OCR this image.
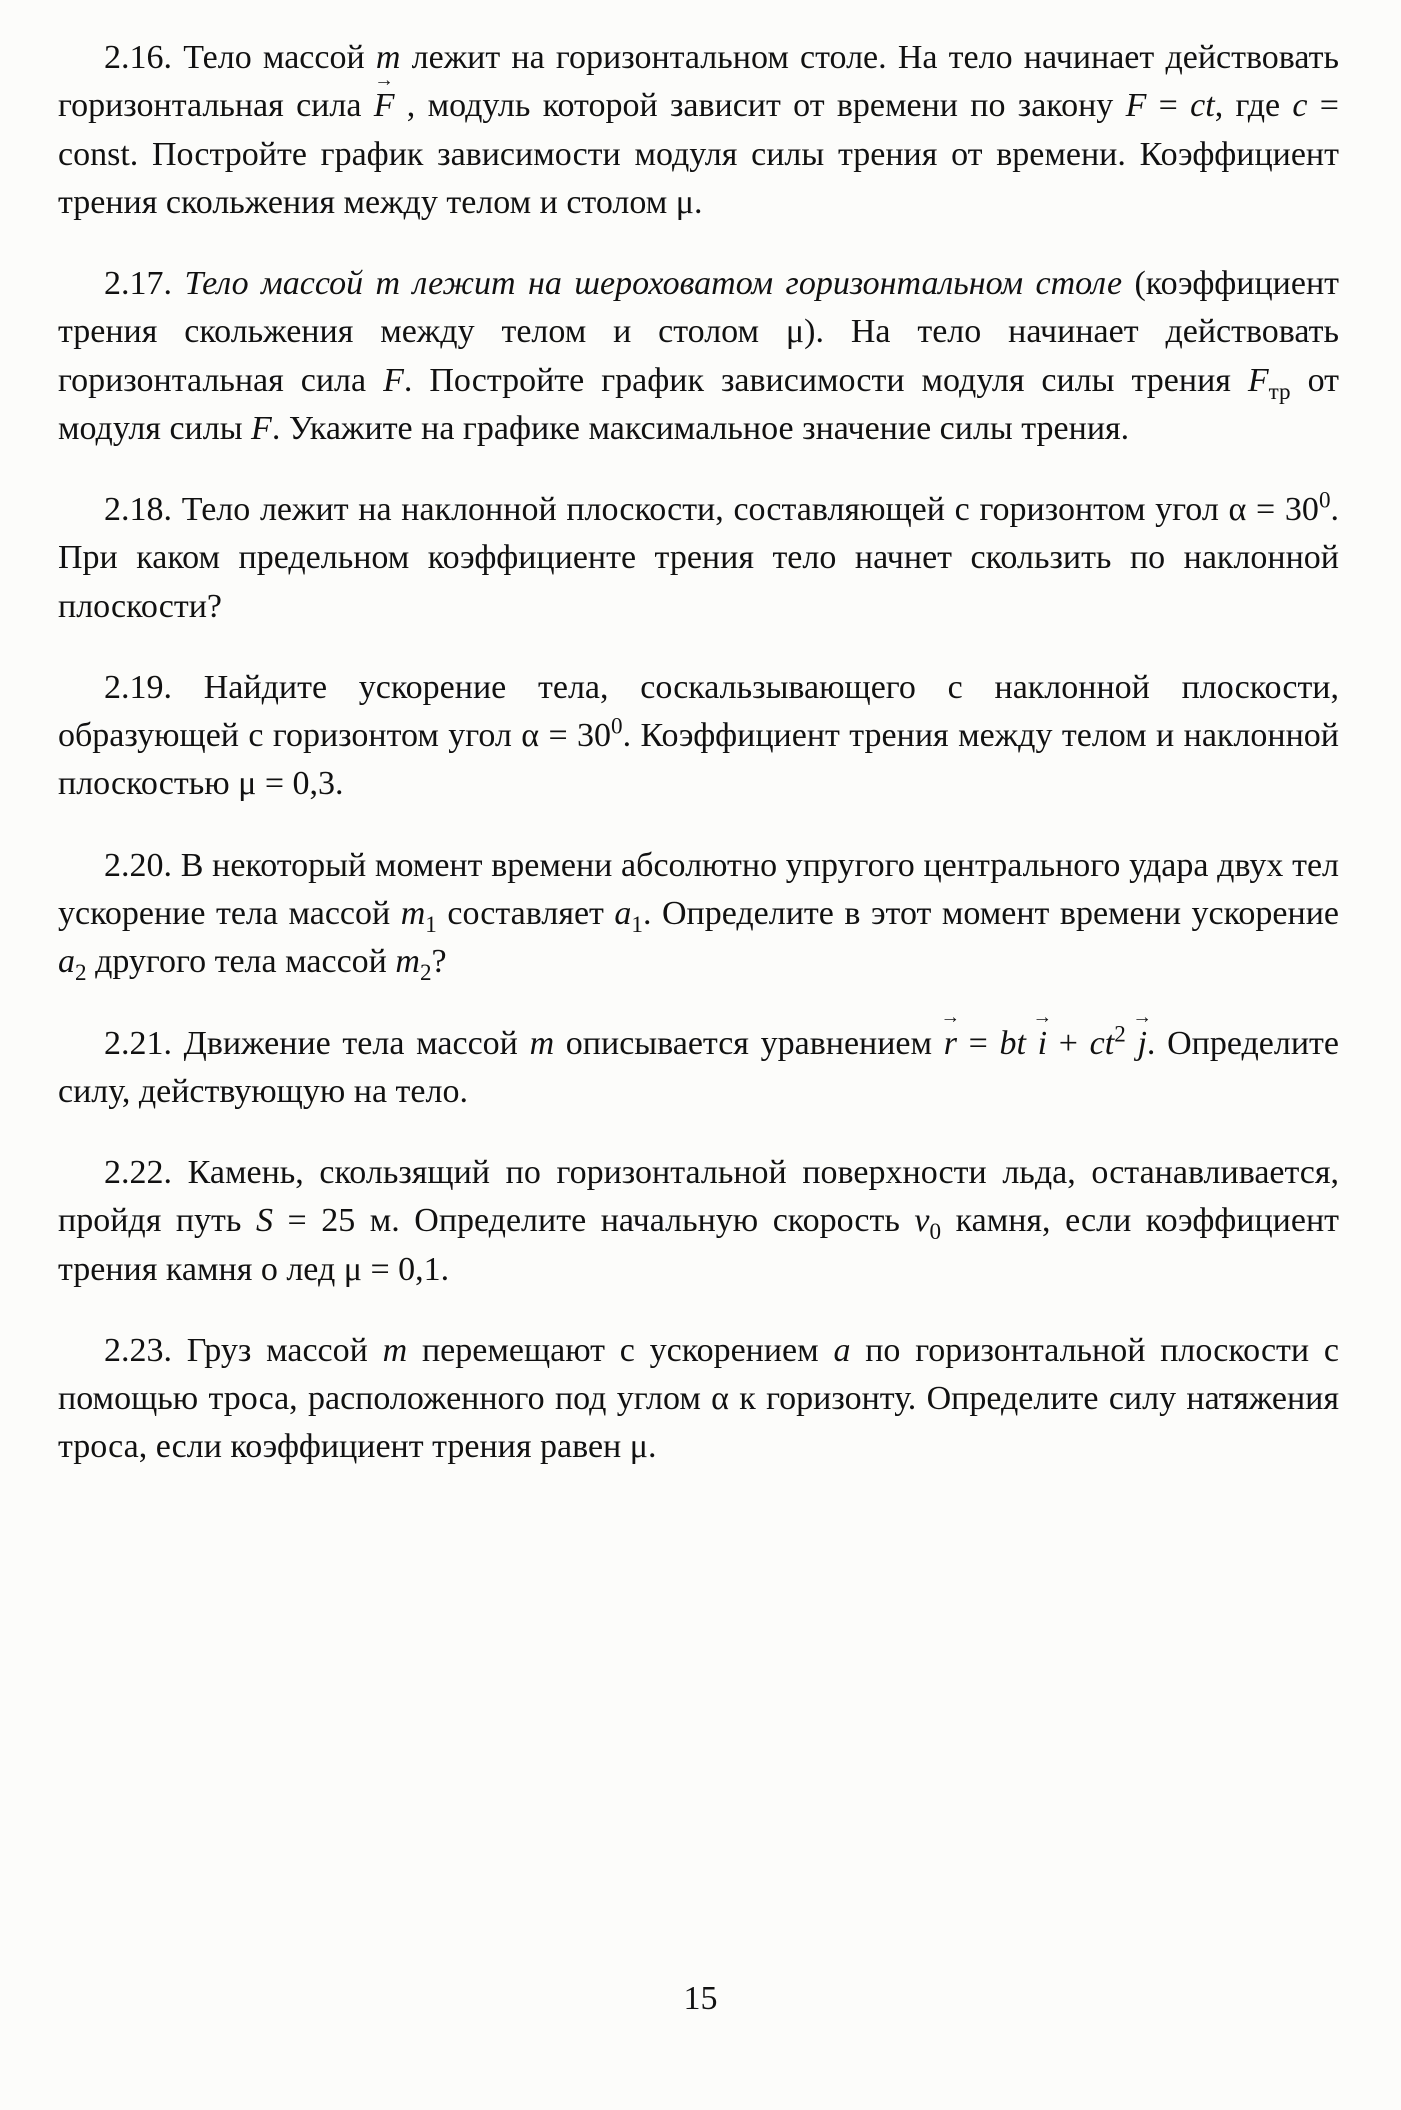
2.16. Тело массой m лежит на горизонтальном столе. На тело начинает действовать горизонтальная сила → F , модуль которой зависит от времени по закону F = ct, где c = const. Постройте график зависимости модуля силы трения от времени. Коэффициент трения скольжения между телом и столом μ.

2.17. Тело массой m лежит на шероховатом горизонтальном столе (коэффициент трения скольжения между телом и столом μ). На тело начинает действовать горизонтальная сила F. Постройте график зависимости модуля силы трения $F_{тр}$ от модуля силы F. Укажите на графике максимальное значение силы трения.

2.18. Тело лежит на наклонной плоскости, составляющей с горизонтом угол $\alpha = 30^0$. При каком предельном коэффициенте трения тело начнет скользить по наклонной плоскости?

2.19. Найдите ускорение тела, соскальзывающего с наклонной плоскости, образующей с горизонтом угол $\alpha = 30^0$. Коэффициент трения между телом и наклонной плоскостью μ = 0,3.

2.20. В некоторый момент времени абсолютно упругого центрального удара двух тел ускорение тела массой $m_1$ составляет $a_1$. Определите в этот момент времени ускорение $a_2$ другого тела массой $m_2$?

2.21. Движение тела массой m описывается уравнением → r = bt → $i + ct^2 \to j$. Определите силу, действующую на тело.

2.22. Камень, скользящий по горизонтальной поверхности льда, останавливается, пройдя путь S = 25 м. Определите начальную скорость $v_0$ камня, если коэффициент трения камня о лед μ = 0,1.

2.23. Груз массой m перемещают с ускорением a по горизонтальной плоскости с помощью троса, расположенного под углом α к горизонту. Определите силу натяжения троса, если коэффициент трения равен μ.

15
